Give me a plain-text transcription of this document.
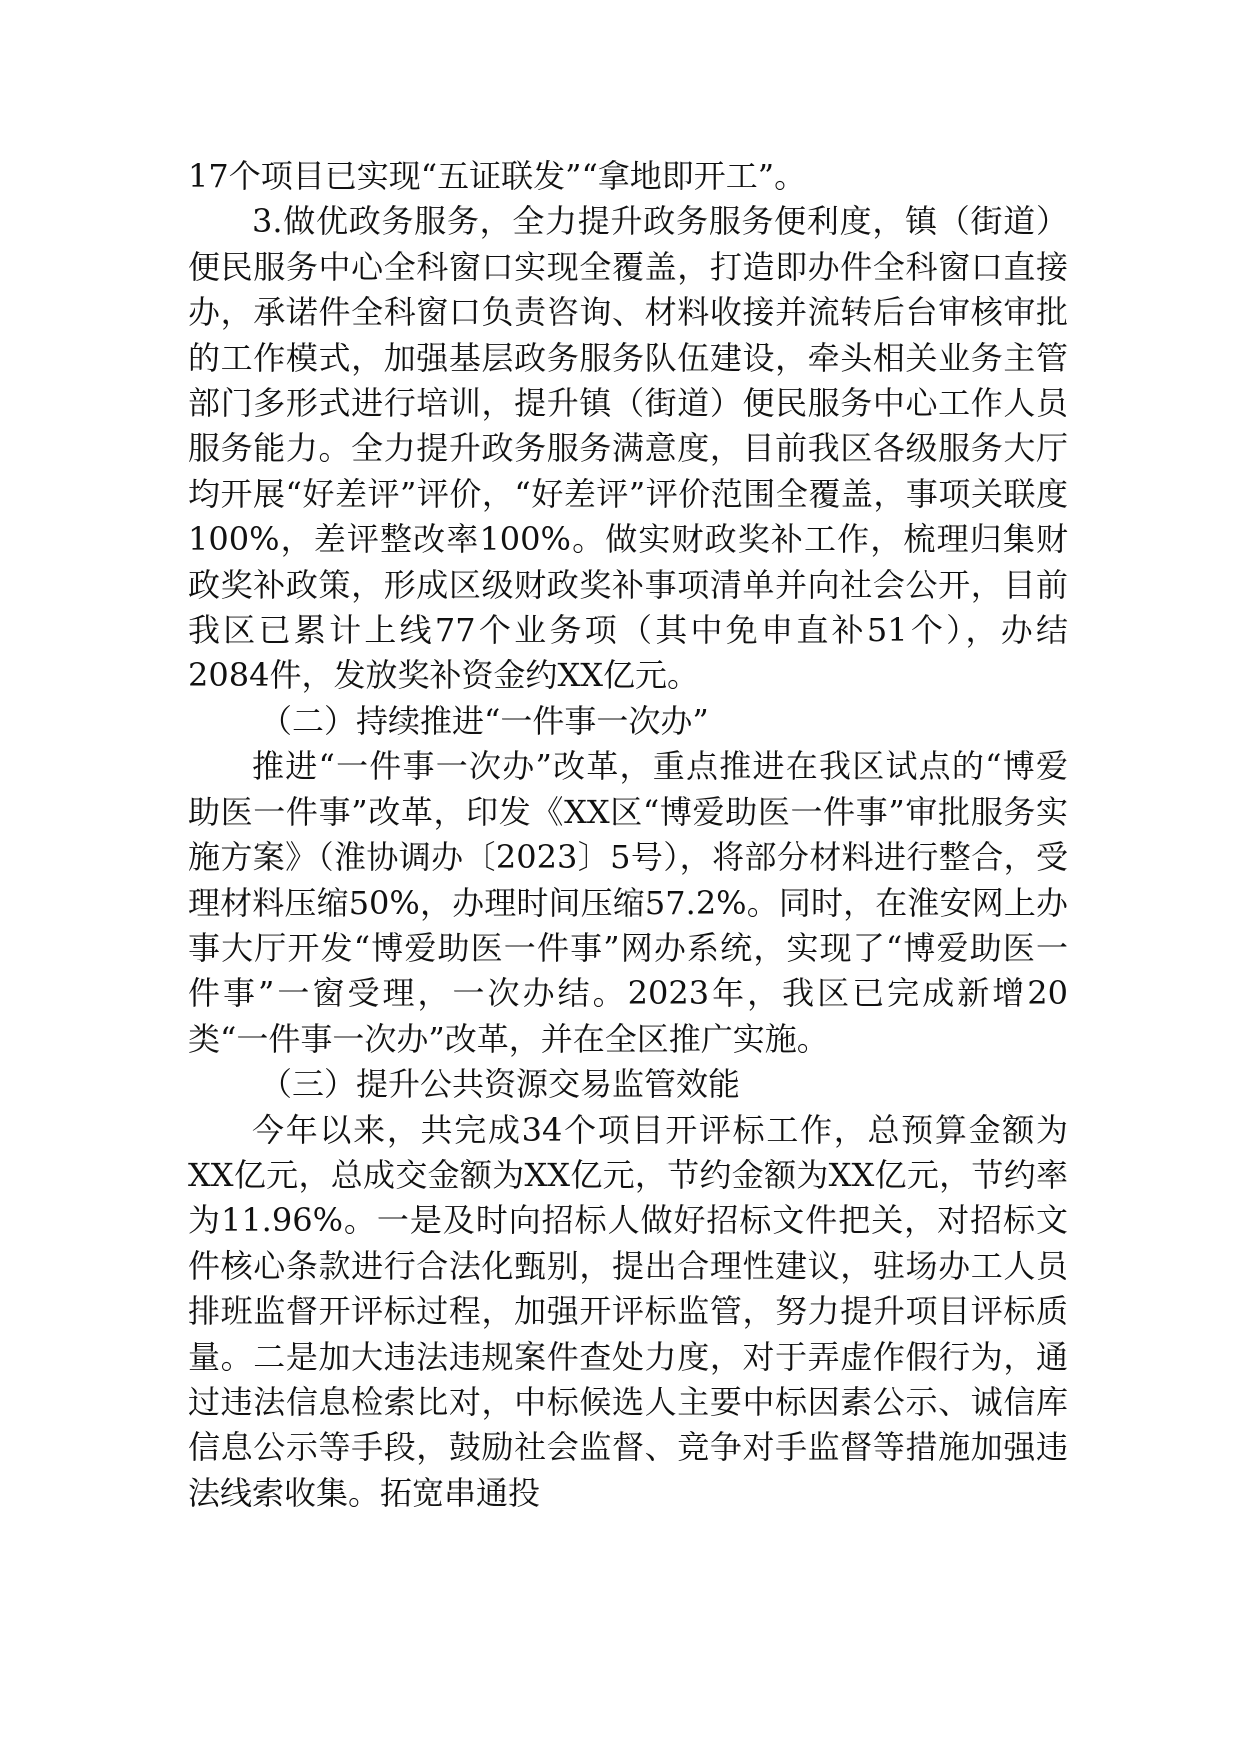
17个项目已实现“五证联发”“拿地即开工”。

3.做优政务服务，全力提升政务服务便利度，镇（街道）便民服务中心全科窗口实现全覆盖，打造即办件全科窗口直接办，承诺件全科窗口负责咨询、材料收接并流转后台审核审批的工作模式，加强基层政务服务队伍建设，牵头相关业务主管部门多形式进行培训，提升镇（街道）便民服务中心工作人员服务能力。全力提升政务服务满意度，目前我区各级服务大厅均开展“好差评”评价，“好差评”评价范围全覆盖，事项关联度100%，差评整改率100%。做实财政奖补工作，梳理归集财政奖补政策，形成区级财政奖补事项清单并向社会公开，目前我区已累计上线77个业务项（其中免申直补51个），办结2084件，发放奖补资金约XX亿元。

（二）持续推进“一件事一次办”

推进“一件事一次办”改革，重点推进在我区试点的“博爱助医一件事”改革，印发《XX区“博爱助医一件事”审批服务实施方案》（淮协调办〔2023〕5号），将部分材料进行整合，受理材料压缩50%，办理时间压缩57.2%。同时，在淮安网上办事大厅开发“博爱助医一件事”网办系统，实现了“博爱助医一件事”一窗受理，一次办结。2023年，我区已完成新增20类“一件事一次办”改革，并在全区推广实施。

（三）提升公共资源交易监管效能

今年以来，共完成34个项目开评标工作，总预算金额为XX亿元，总成交金额为XX亿元，节约金额为XX亿元，节约率为11.96%。一是及时向招标人做好招标文件把关，对招标文件核心条款进行合法化甄别，提出合理性建议，驻场办工人员排班监督开评标过程，加强开评标监管，努力提升项目评标质量。二是加大违法违规案件查处力度，对于弄虚作假行为，通过违法信息检索比对，中标候选人主要中标因素公示、诚信库信息公示等手段，鼓励社会监督、竞争对手监督等措施加强违法线索收集。拓宽串通投
